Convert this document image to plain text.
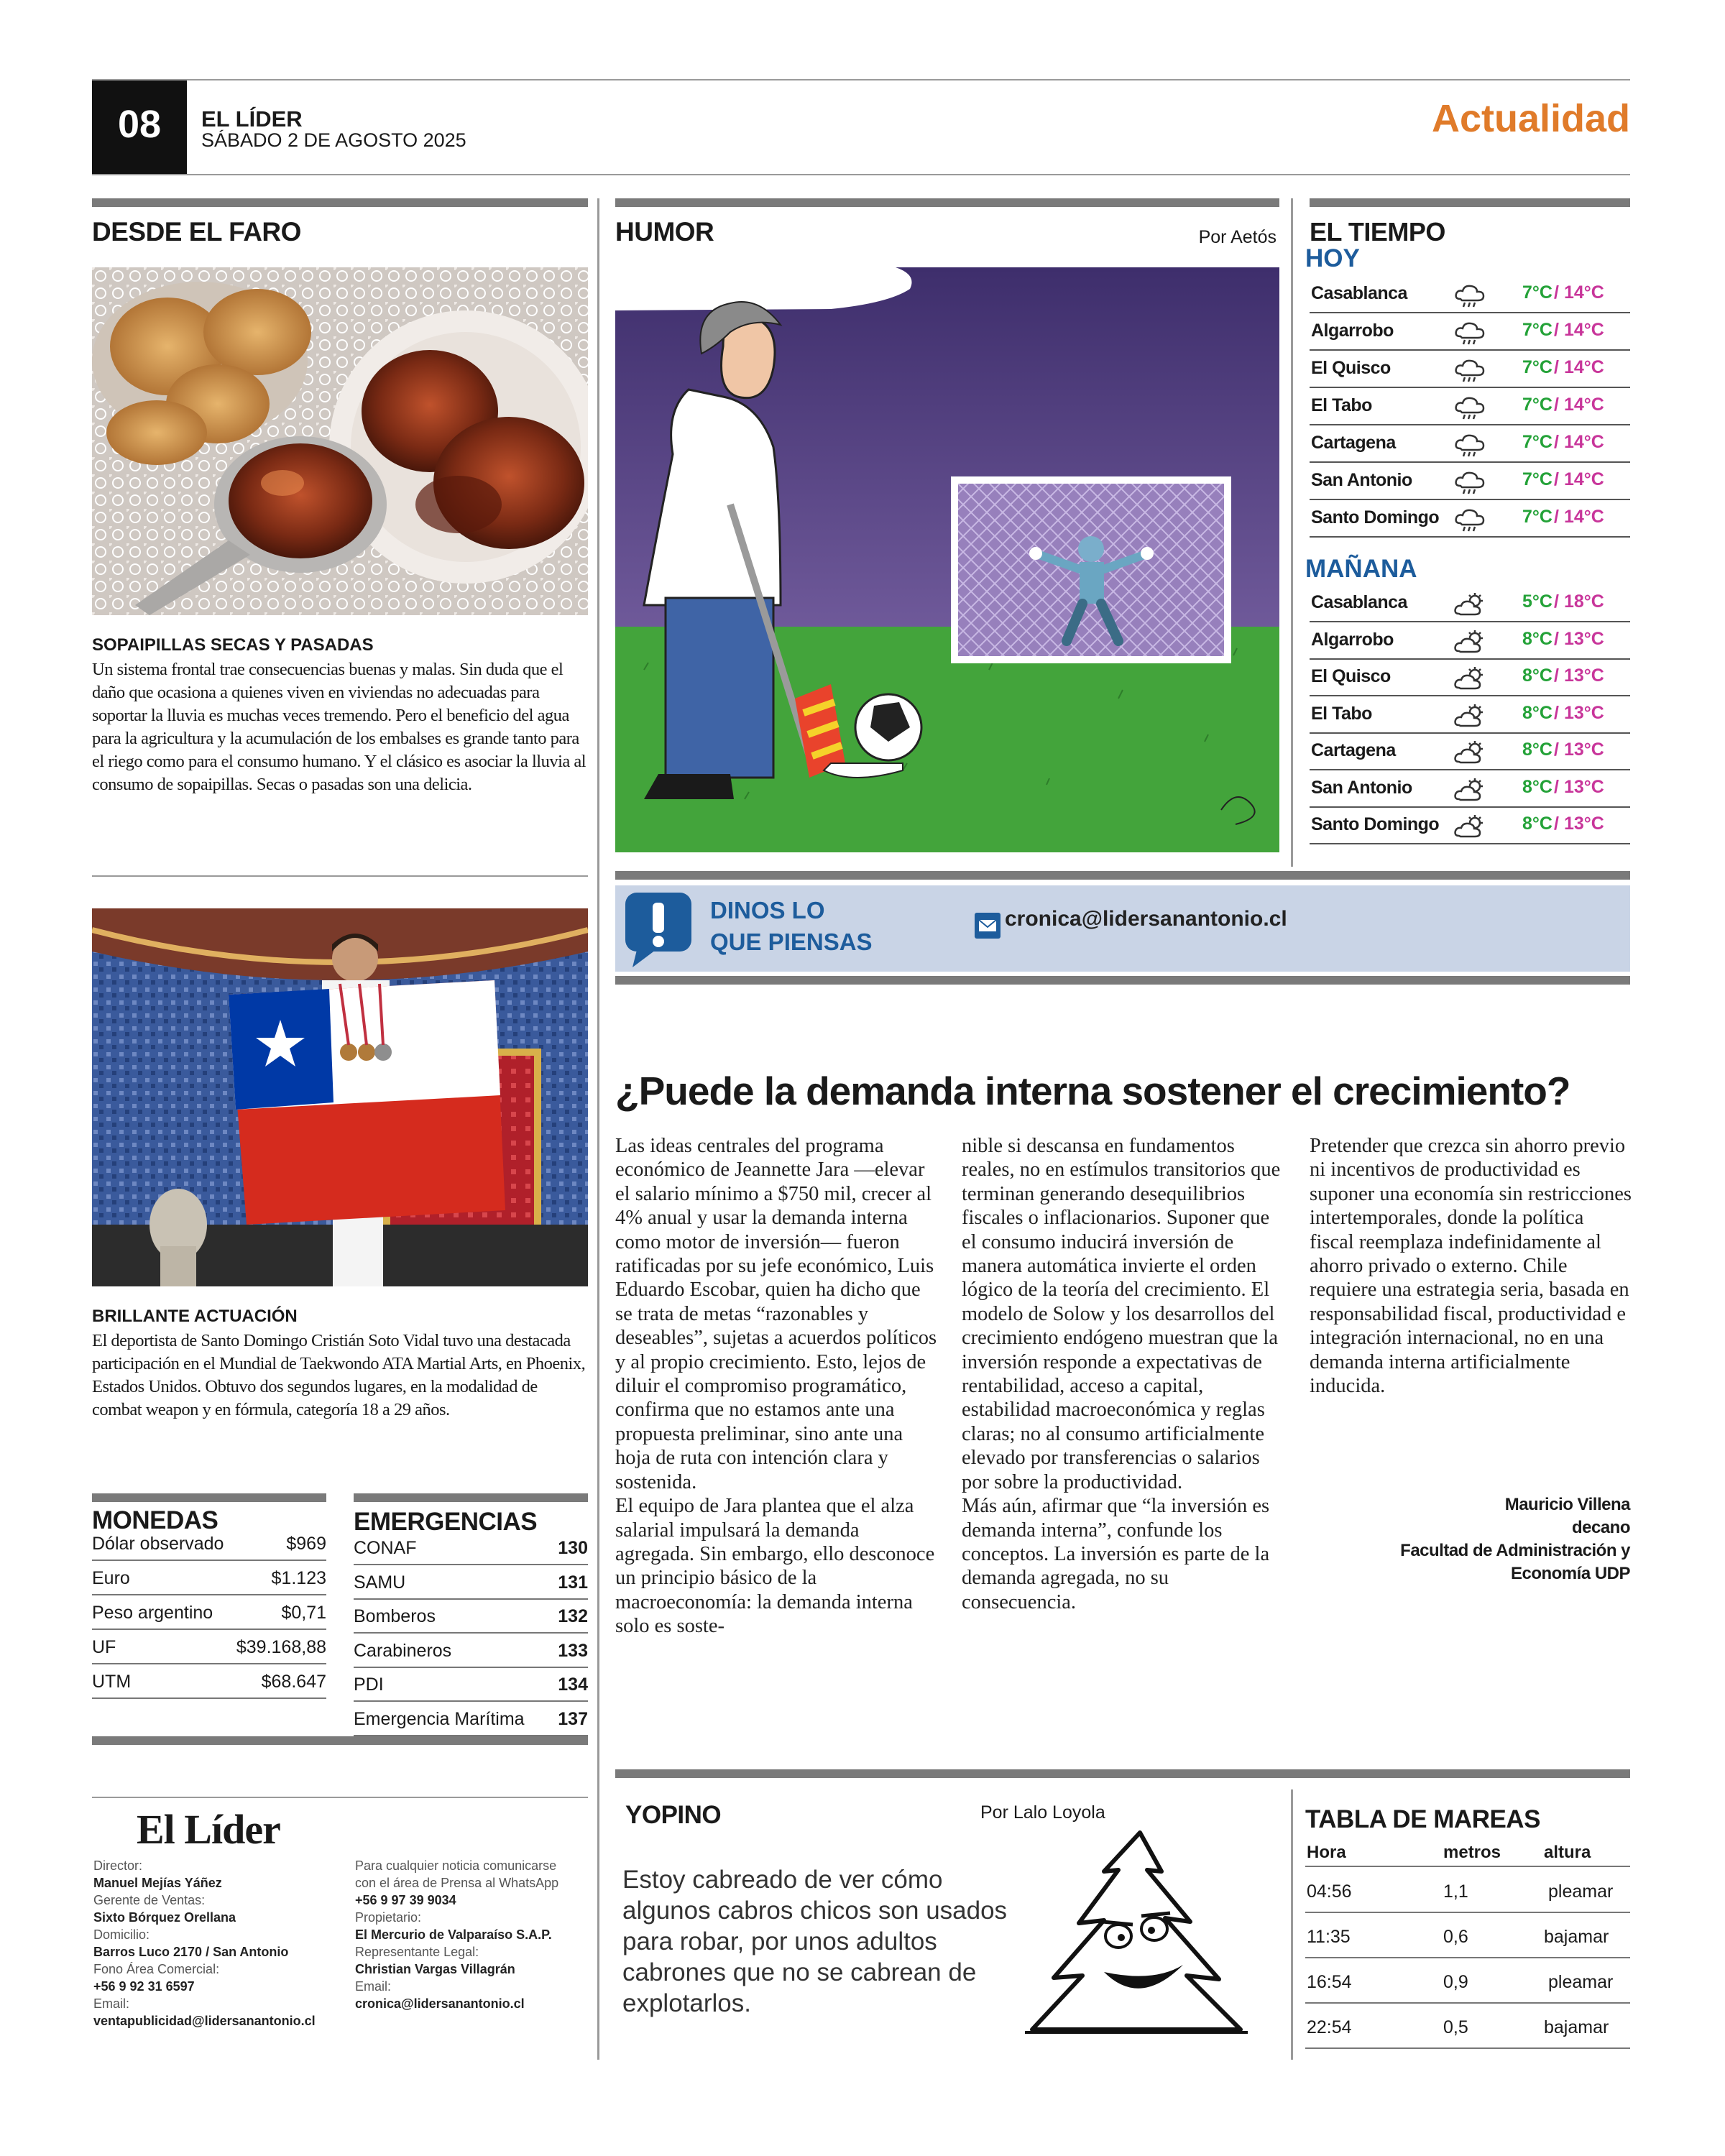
08	EL LÍDER
SÁBADO 2 DE AGOSTO 2025	Actualidad
DESDE EL FARO
SOPAIPILLAS SECAS Y PASADAS
Un sistema frontal trae consecuencias buenas y malas. Sin duda que el daño que ocasiona a quienes viven en viviendas no adecuadas para soportar la lluvia es muchas veces tremendo. Pero el beneficio del agua para la agricultura y la acumulación de los embalses es grande tanto para el riego como para el consumo humano. Y el clásico es asociar la lluvia al consumo de sopaipillas. Secas o pasadas son una delicia.
BRILLANTE ACTUACIÓN
El deportista de Santo Domingo Cristián Soto Vidal tuvo una destacada participación en el Mundial de Taekwondo ATA Martial Arts, en Phoenix, Estados Unidos. Obtuvo dos segundos lugares, en la modalidad de combat weapon y en fórmula, categoría 18 a 29 años.
MONEDAS
Dólar observado	$969
Euro	$1.123
Peso argentino	$0,71
UF	$39.168,88
UTM	$68.647
EMERGENCIAS
CONAF	130
SAMU	131
Bomberos	132
Carabineros	133
PDI	134
Emergencia Marítima 137
El Líder
Director:
Manuel Mejías Yáñez
Gerente de Ventas:
Sixto Bórquez Orellana
Domicilio:
Barros Luco 2170 / San Antonio
Fono Área Comercial:
+56 9 92 31 6597
Email:
ventapublicidad@lidersanantonio.cl
Para cualquier noticia comunicarse
con el área de Prensa al WhatsApp
+56 9 97 39 9034
Propietario:
El Mercurio de Valparaíso S.A.P.
Representante Legal:
Christian Vargas Villagrán
Email:
cronica@lidersanantonio.cl
HUMOR	Por Aetós EL TIEMPO
HOY
MAÑANA
Casablanca	7°C / 14°C
Algarrobo	7°C / 14°C
El Quisco	7°C / 14°C
El Tabo	7°C / 14°C
Cartagena	7°C / 14°C
San Antonio	7°C / 14°C
Santo Domingo	7°C / 14°C
Casablanca	5°C / 18°C
Algarrobo	8°C / 13°C
El Quisco	8°C / 13°C
El Tabo	8°C / 13°C
Cartagena	8°C / 13°C
San Antonio	8°C / 13°C
Santo Domingo	8°C / 13°C
DINOS LO
QUE PIENSAS
cronica@lidersanantonio.cl
¿Puede la demanda interna sostener el crecimiento?

Las ideas centrales del programa económico de Jeannette Jara —elevar el salario mínimo a $750 mil, crecer al 4% anual y usar la demanda interna como motor de inversión— fueron ratificadas por su jefe económico, Luis Eduardo Escobar, quien ha dicho que se trata de metas “razonables y deseables”, sujetas a acuerdos políticos y al propio crecimiento. Esto, lejos de diluir el compromiso programático, confirma que no estamos ante una propuesta preliminar, sino ante una hoja de ruta con intención clara y sostenida.

El equipo de Jara plantea que el alza salarial impulsará la demanda agregada. Sin embargo, ello desconoce un principio básico de la macroeconomía: la demanda interna solo es soste-

nible si descansa en fundamentos reales, no en estímulos transitorios que terminan generando desequilibrios fiscales o inflacionarios. Suponer que el consumo inducirá inversión de manera automática invierte el orden lógico de la teoría del crecimiento. El modelo de Solow y los desarrollos del crecimiento endógeno muestran que la inversión responde a expectativas de rentabilidad, acceso a capital, estabilidad macroeconómica y reglas claras; no al consumo artificialmente elevado por transferencias o salarios por sobre la productividad.

Más aún, afirmar que “la inversión es demanda interna”, confunde los conceptos. La inversión es parte de la demanda agregada, no su consecuencia.

Pretender que crezca sin ahorro previo ni incentivos de productividad es suponer una economía sin restricciones intertemporales, donde la política fiscal reemplaza indefinidamente al ahorro privado o externo. Chile requiere una estrategia seria, basada en responsabilidad fiscal, productividad e integración internacional, no en una demanda interna artificialmente inducida.

Mauricio Villena
decano
Facultad de Administración y
Economía UDP
YOPINO	Por Lalo Loyola
Estoy cabreado de ver cómo algunos cabros chicos son usados para robar, por unos adultos cabrones que no se cabrean de explotarlos.
TABLA DE MAREAS
Hora	metros altura
04:56	1,1	pleamar
11:35	0,6	bajamar
16:54	0,9	pleamar
22:54	0,5	bajamar
